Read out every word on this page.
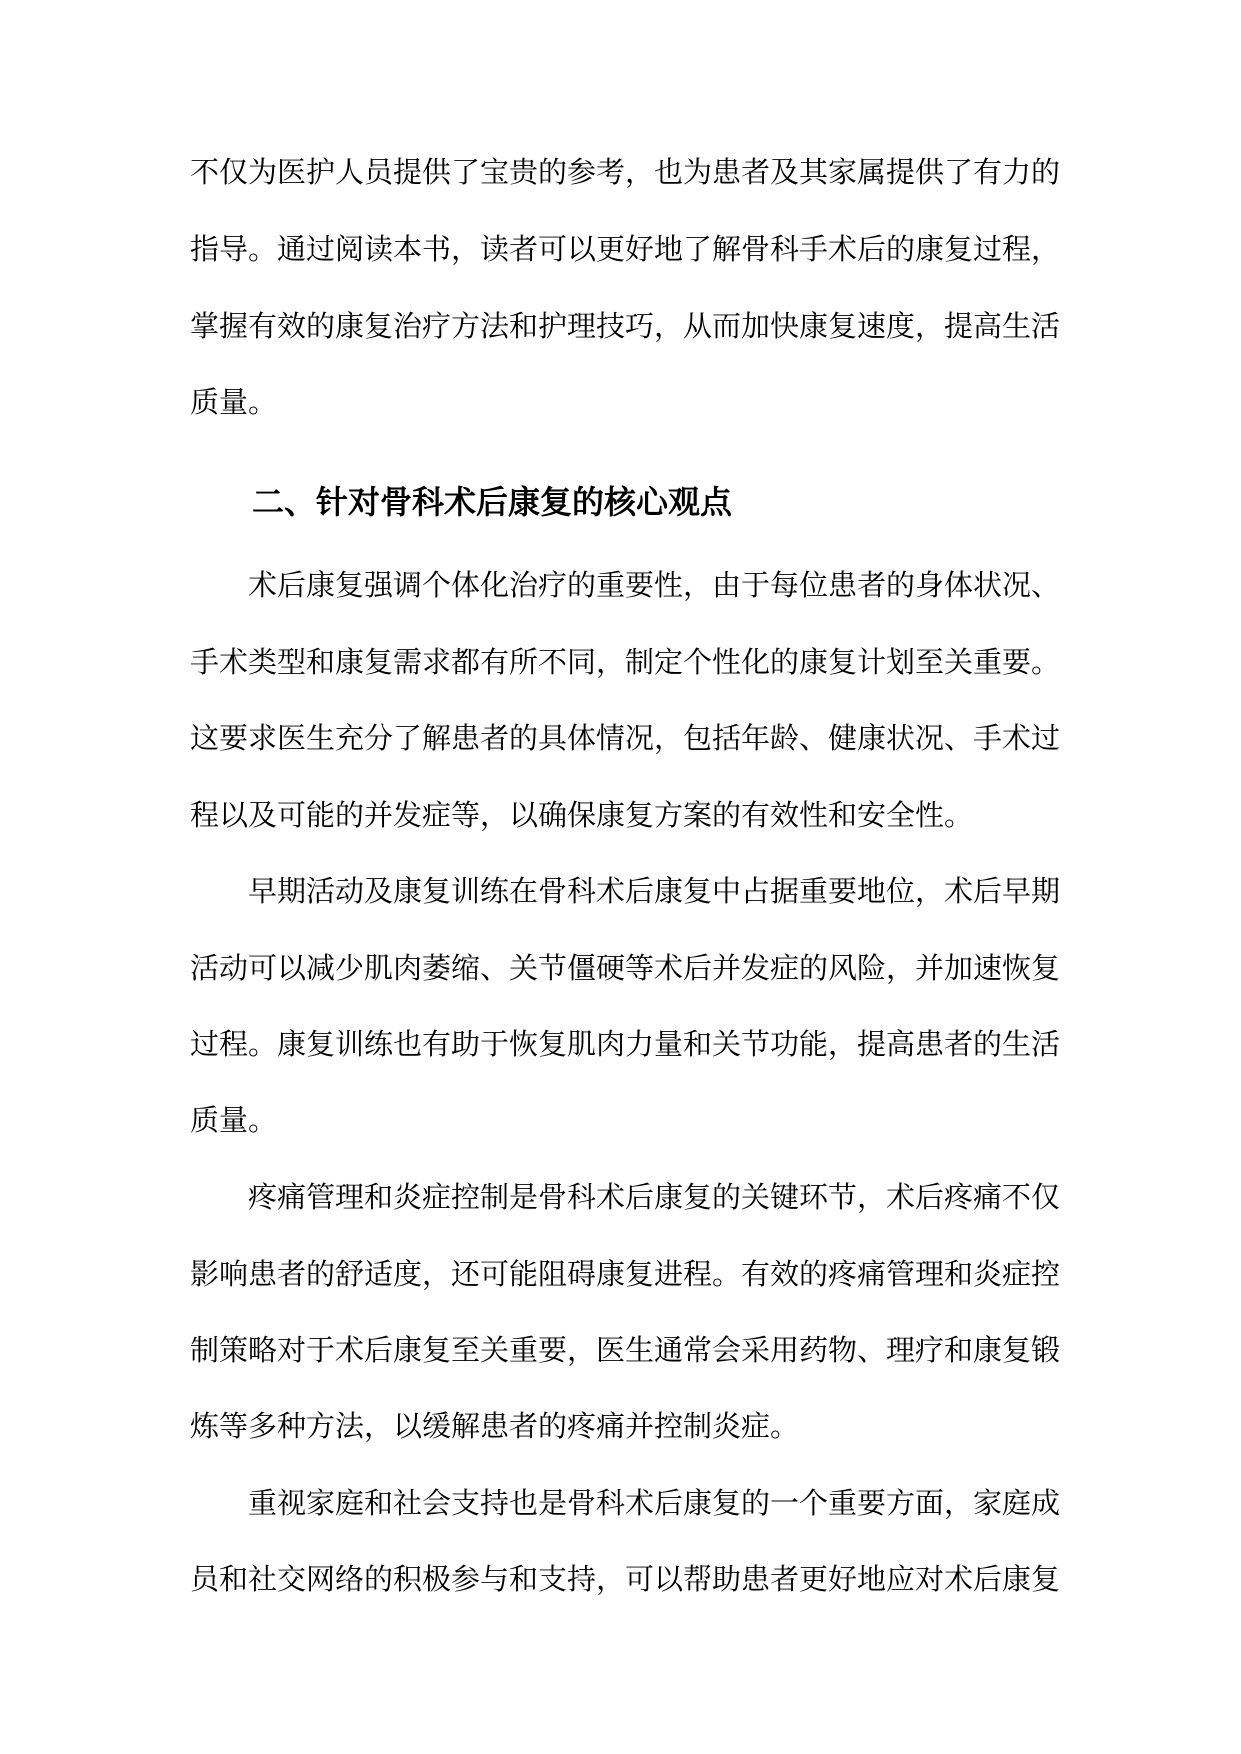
不仅为医护人员提供了宝贵的参考，也为患者及其家属提供了有力的
指导。通过阅读本书，读者可以更好地了解骨科手术后的康复过程，
掌握有效的康复治疗方法和护理技巧，从而加快康复速度，提高生活
质量。
二、针对骨科术后康复的核心观点
术后康复强调个体化治疗的重要性，由于每位患者的身体状况、
手术类型和康复需求都有所不同，制定个性化的康复计划至关重要。
这要求医生充分了解患者的具体情况，包括年龄、健康状况、手术过
程以及可能的并发症等，以确保康复方案的有效性和安全性。
早期活动及康复训练在骨科术后康复中占据重要地位，术后早期
活动可以减少肌肉萎缩、关节僵硬等术后并发症的风险，并加速恢复
过程。康复训练也有助于恢复肌肉力量和关节功能，提高患者的生活
质量。
疼痛管理和炎症控制是骨科术后康复的关键环节，术后疼痛不仅
影响患者的舒适度，还可能阻碍康复进程。有效的疼痛管理和炎症控
制策略对于术后康复至关重要，医生通常会采用药物、理疗和康复锻
炼等多种方法，以缓解患者的疼痛并控制炎症。
重视家庭和社会支持也是骨科术后康复的一个重要方面，家庭成
员和社交网络的积极参与和支持，可以帮助患者更好地应对术后康复
